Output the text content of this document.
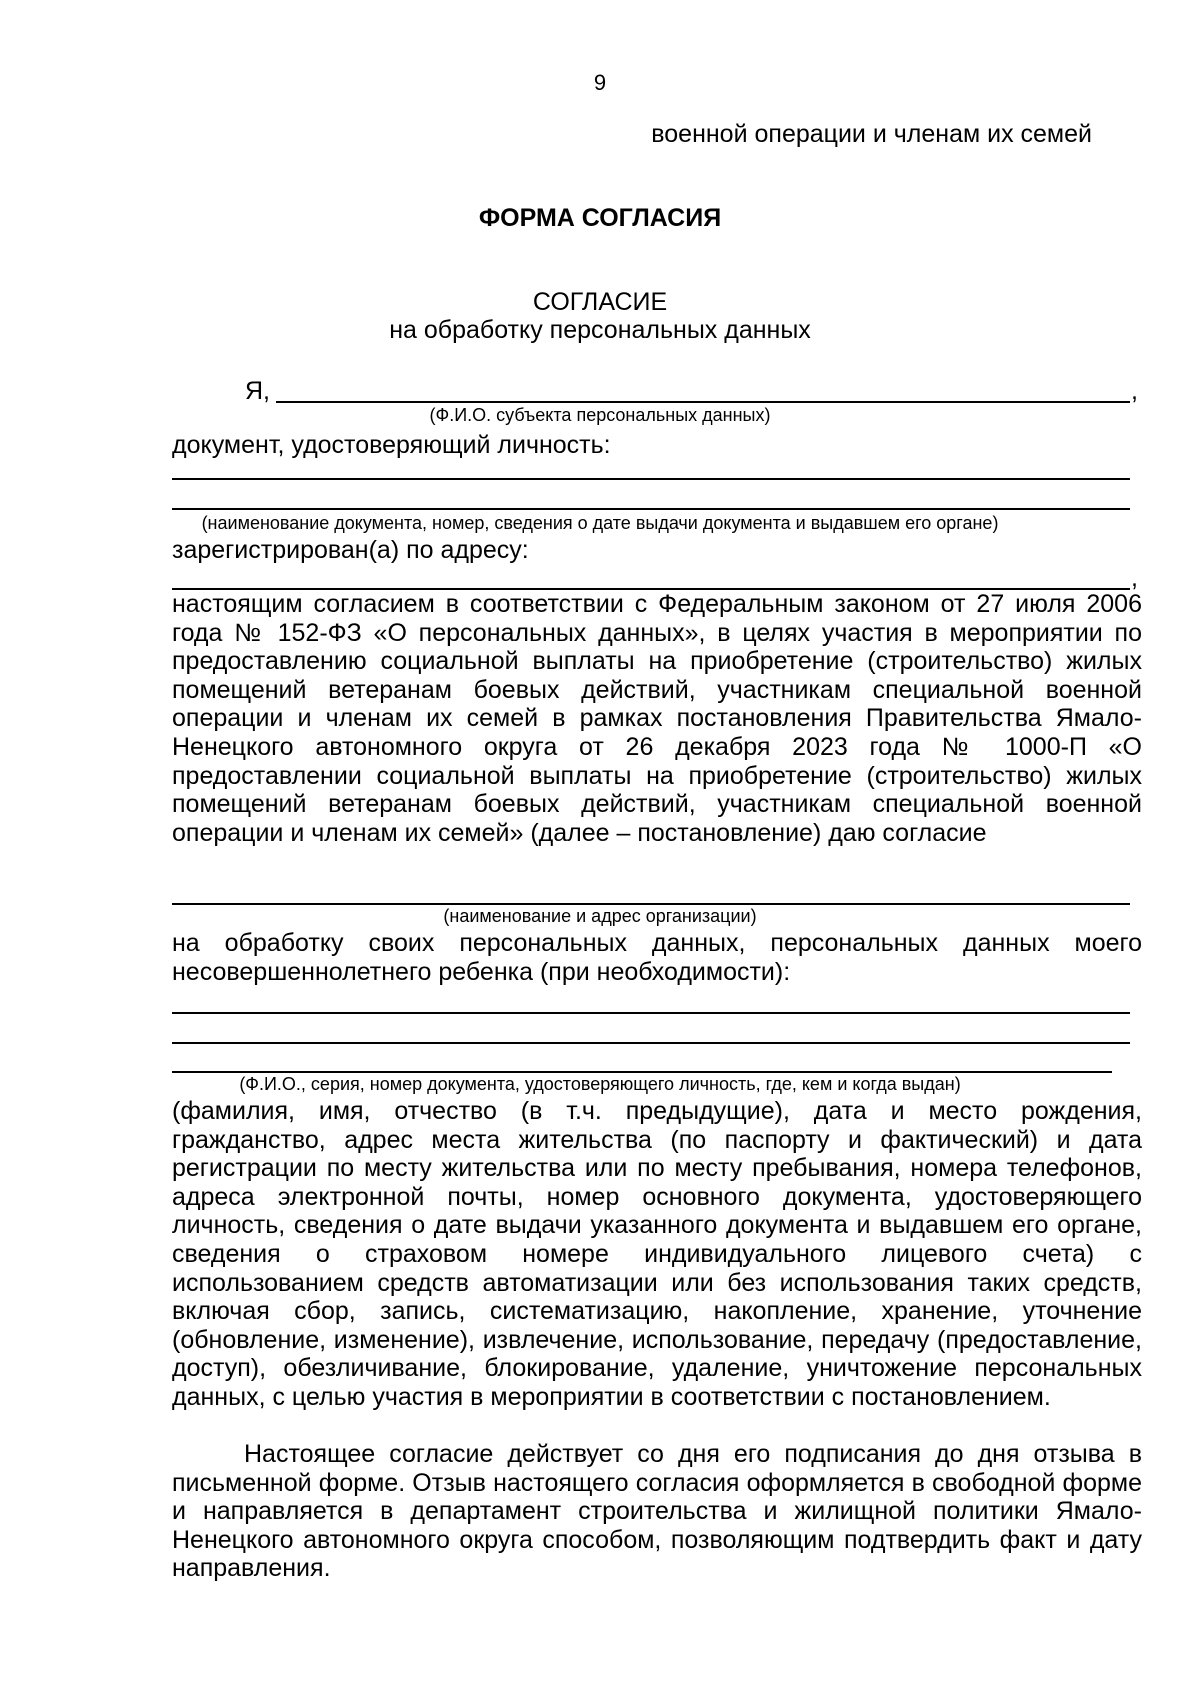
9
военной операции и членам их семей
ФОРМА СОГЛАСИЯ
СОГЛАСИЕ
на обработку персональных данных
Я,	,
(Ф.И.О. субъекта персональных данных)
документ, удостоверяющий личность:
(наименование документа, номер, сведения о дате выдачи документа и выдавшем его органе)
зарегистрирован(а) по адресу:
,

настоящим согласием в соответствии с Федеральным законом от 27 июля 2006 года № 152-ФЗ «О персональных данных», в целях участия в мероприятии по предоставлению социальной выплаты на приобретение (строительство) жилых помещений ветеранам боевых действий, участникам специальной военной операции и членам их семей в рамках постановления Правительства Ямало-Ненецкого автономного округа от 26 декабря 2023 года № 1000-П «О предоставлении социальной выплаты на приобретение (строительство) жилых помещений ветеранам боевых действий, участникам специальной военной операции и членам их семей» (далее – постановление) даю согласие

(наименование и адрес организации)

на обработку своих персональных данных, персональных данных моего несовершеннолетнего ребенка (при необходимости):

(Ф.И.О., серия, номер документа, удостоверяющего личность, где, кем и когда выдан)

(фамилия, имя, отчество (в т.ч. предыдущие), дата и место рождения, гражданство, адрес места жительства (по паспорту и фактический) и дата регистрации по месту жительства или по месту пребывания, номера телефонов, адреса электронной почты, номер основного документа, удостоверяющего личность, сведения о дате выдачи указанного документа и выдавшем его органе, сведения о страховом номере индивидуального лицевого счета) с использованием средств автоматизации или без использования таких средств, включая сбор, запись, систематизацию, накопление, хранение, уточнение (обновление, изменение), извлечение, использование, передачу (предоставление, доступ), обезличивание, блокирование, удаление, уничтожение персональных данных, с целью участия в мероприятии в соответствии с постановлением.

Настоящее согласие действует со дня его подписания до дня отзыва в письменной форме. Отзыв настоящего согласия оформляется в свободной форме и направляется в департамент строительства и жилищной политики Ямало-Ненецкого автономного округа способом, позволяющим подтвердить факт и дату направления.
